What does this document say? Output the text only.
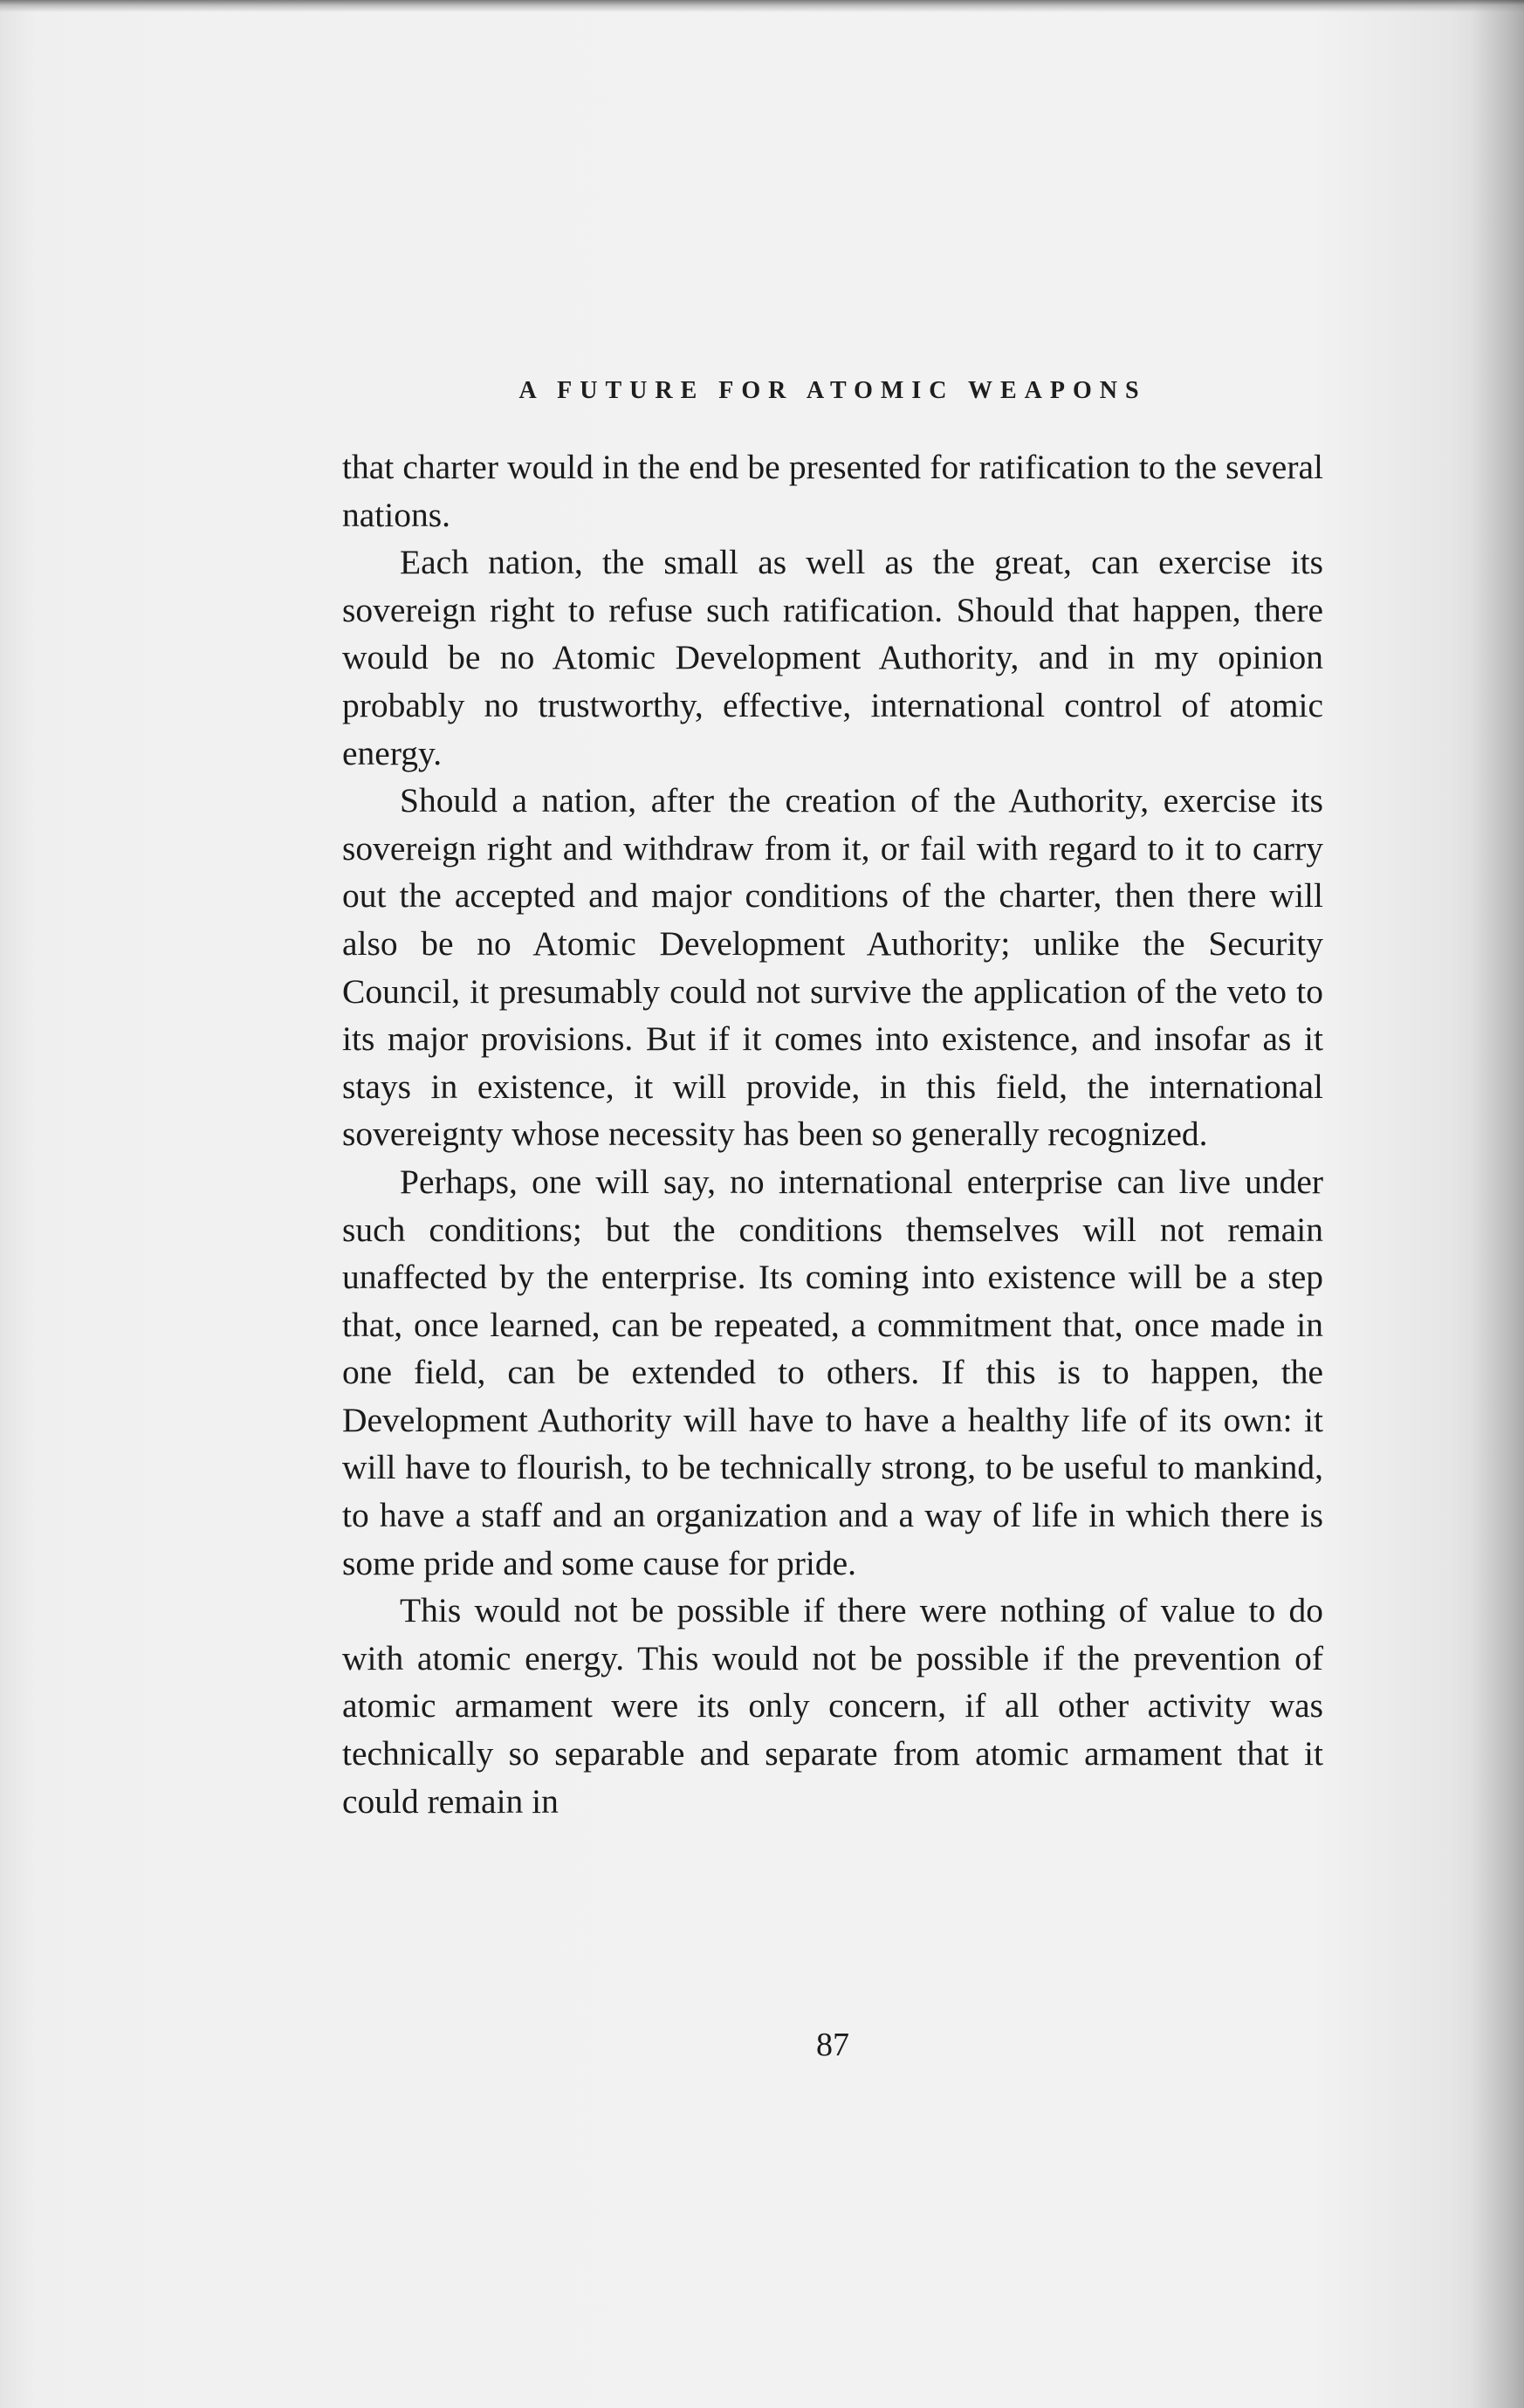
A FUTURE FOR ATOMIC WEAPONS

that charter would in the end be presented for ratification to the several nations.

Each nation, the small as well as the great, can exercise its sovereign right to refuse such ratification. Should that happen, there would be no Atomic Development Authority, and in my opinion probably no trustworthy, effective, international control of atomic energy.

Should a nation, after the creation of the Authority, exercise its sovereign right and withdraw from it, or fail with regard to it to carry out the accepted and major conditions of the charter, then there will also be no Atomic Development Authority; unlike the Security Council, it presumably could not survive the application of the veto to its major provisions. But if it comes into existence, and insofar as it stays in existence, it will provide, in this field, the international sovereignty whose necessity has been so generally recognized.

Perhaps, one will say, no international enterprise can live under such conditions; but the conditions themselves will not remain unaffected by the enterprise. Its coming into existence will be a step that, once learned, can be repeated, a commitment that, once made in one field, can be extended to others. If this is to happen, the Development Authority will have to have a healthy life of its own: it will have to flourish, to be technically strong, to be useful to mankind, to have a staff and an organization and a way of life in which there is some pride and some cause for pride.

This would not be possible if there were nothing of value to do with atomic energy. This would not be possible if the prevention of atomic armament were its only concern, if all other activity was technically so separable and separate from atomic armament that it could remain in

87
